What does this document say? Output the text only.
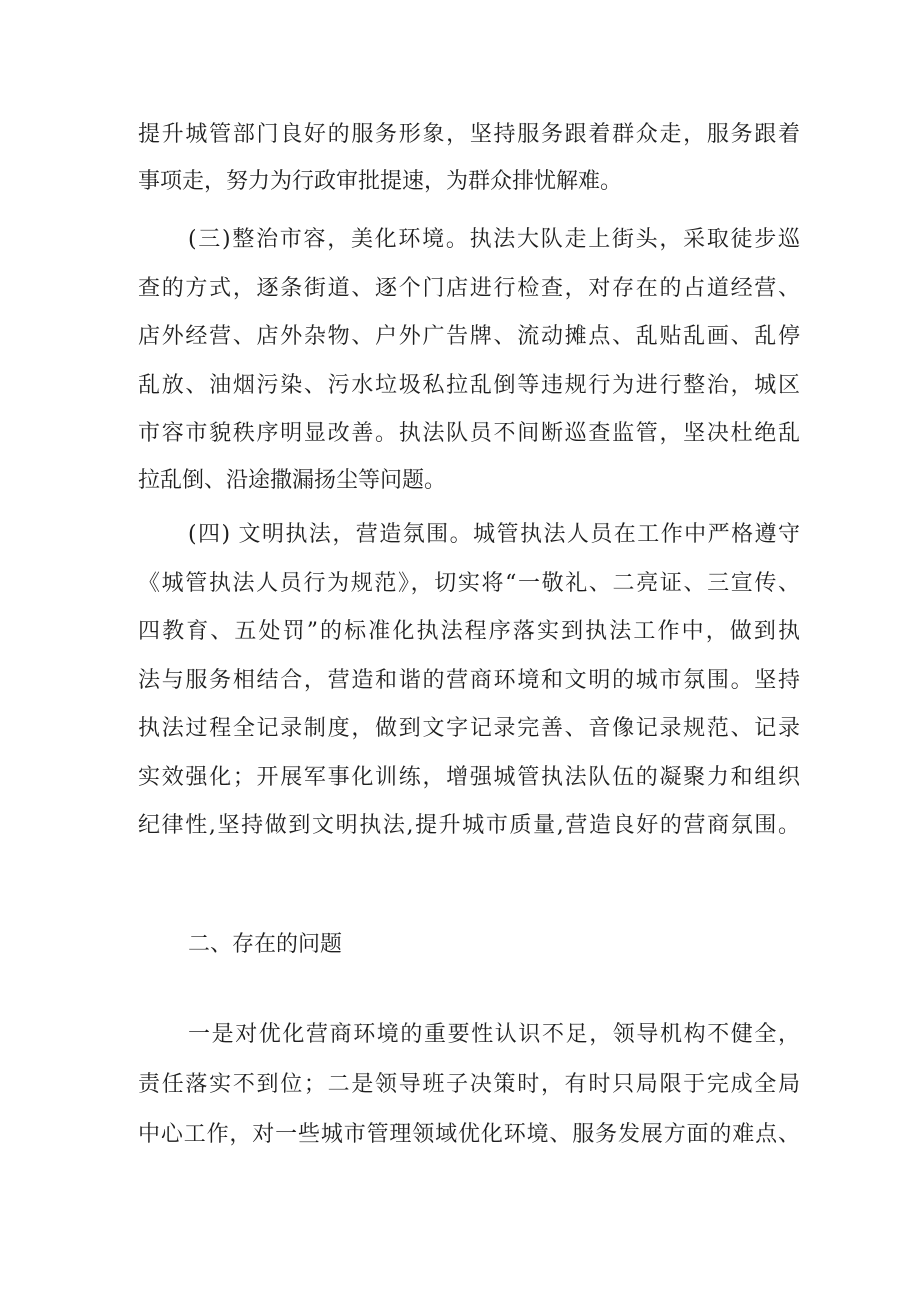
提升城管部门良好的服务形象，坚持服务跟着群众走，服务跟着
事项走，努力为行政审批提速，为群众排忧解难。
(三)整治市容，美化环境。执法大队走上街头，采取徒步巡
查的方式，逐条街道、逐个门店进行检查，对存在的占道经营、
店外经营、店外杂物、户外广告牌、流动摊点、乱贴乱画、乱停
乱放、油烟污染、污水垃圾私拉乱倒等违规行为进行整治，城区
市容市貌秩序明显改善。执法队员不间断巡查监管，坚决杜绝乱
拉乱倒、沿途撒漏扬尘等问题。
(四) 文明执法，营造氛围。城管执法人员在工作中严格遵守
《城管执法人员行为规范》，切实将“一敬礼、二亮证、三宣传、
四教育、五处罚”的标准化执法程序落实到执法工作中，做到执
法与服务相结合，营造和谐的营商环境和文明的城市氛围。坚持
执法过程全记录制度，做到文字记录完善、音像记录规范、记录
实效强化；开展军事化训练，增强城管执法队伍的凝聚力和组织
纪律性,坚持做到文明执法,提升城市质量,营造良好的营商氛围。
二、存在的问题
一是对优化营商环境的重要性认识不足，领导机构不健全，
责任落实不到位；二是领导班子决策时，有时只局限于完成全局
中心工作，对一些城市管理领域优化环境、服务发展方面的难点、
